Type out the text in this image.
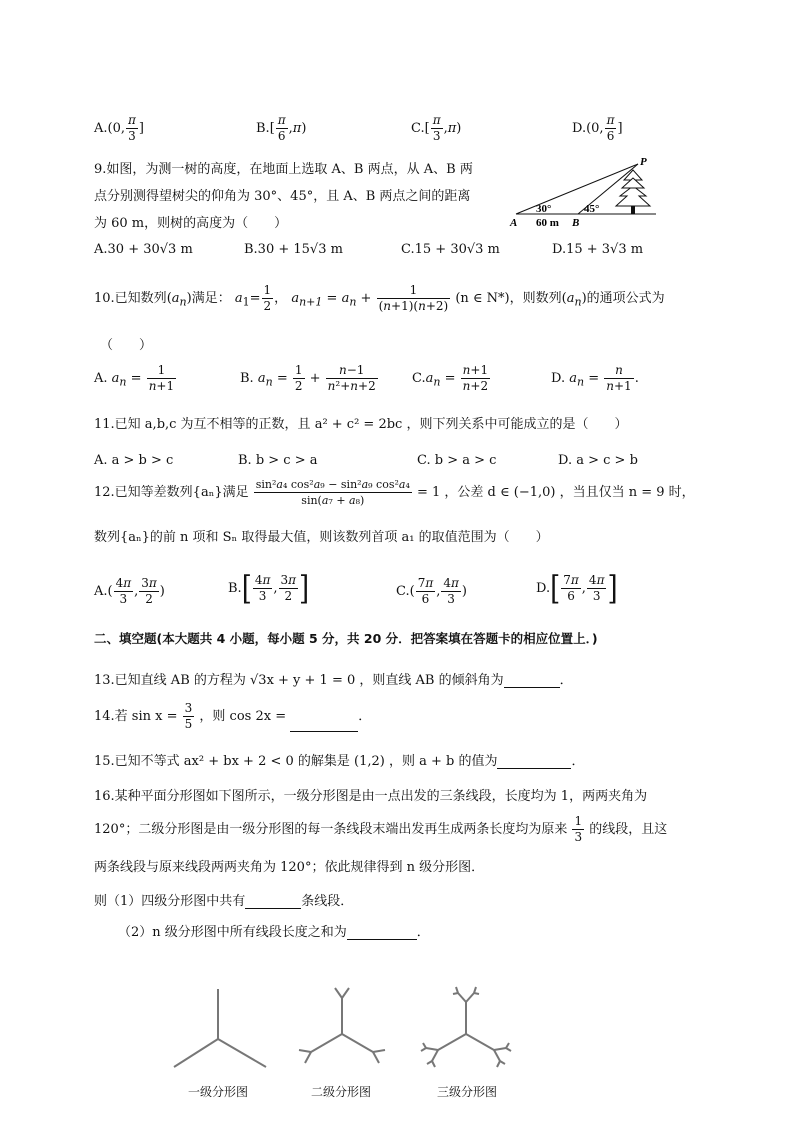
A.(0, $\frac{\pi}{3}$ ]	$B.[ \frac{\pi}{6} ,\pi)$	$C.[ \frac{\pi}{3} ,\pi)$	D.(0, $\frac{\pi}{6}$ ]
9.如图，为测一树的高度，在地面上选取 A、B 两点，从 A、B 两
点分别测得望树尖的仰角为 30°、45°，且 A、B 两点之间的距离
为 60 m，则树的高度为（　　）
P
A	B
30°	45°
60 m
A.30 + 30√3 m	B.30 + 15√3 m	C.15 + 30√3 m	D.15 + 3√3 m
10.已知数列$(a_n)$满足： $a_1= \frac{1}{2}$ ， $a_{n+1} = a_n + \frac{1}{(n+1)(n+2)} (n$ ∈ N*)，则数列$(a_n)$的通项公式为
（　　）
A. $a_n = \frac{1}{n+1}$	B. $a_n = \frac{1}{2} + \frac{n-1}{\text{n²+n+2}}$	$C.a_n = \frac{n+1}{n+2}$	D. $a_n = \frac{n}{n+1}$ .
11.已知 a,b,c 为互不相等的正数，且 a² + c² = 2bc ，则下列关系中可能成立的是（　　）
A. a > b > c	B. b > c > a	C. b > a > c	D. a > c > b
12.已知等差数列{aₙ}满足 $\frac{\text{sin²a₄ cos²a₉ − sin²a₉ cos²a₄}}{\text{sin(a₇ + a₈)}} = 1$ ，公差 d ∈ (−1,0) ，当且仅当 n = 9 时，
数列{aₙ}的前 n 项和 Sₙ 取得最大值，则该数列首项 a₁ 的取值范围为（　　）
$A.( \frac{4\pi}{3}$ , $\frac{3\pi}{2}$ )	$B.[ \frac{4\pi}{3}$ , $\frac{3\pi}{2}$ ]	$C.( \frac{7\pi}{6}$ , $\frac{4\pi}{3}$ )	$D.[ \frac{7\pi}{6}$ , $\frac{4\pi}{3}$ ]
二、填空题(本大题共 4 小题，每小题 5 分，共 20 分．把答案填在答题卡的相应位置上．)
13.已知直线 AB 的方程为 √3x + y + 1 = 0 ，则直线 AB 的倾斜角为	．
14.若 $\sin x = \frac{3}{5}$ ，则 cos 2x =	．
15.已知不等式 ax² + bx + 2 < 0 的解集是 (1,2) ，则 a + b 的值为	．
16.某种平面分形图如下图所示，一级分形图是由一点出发的三条线段，长度均为 1，两两夹角为
120°；二级分形图是由一级分形图的每一条线段末端出发再生成两条长度均为原来 $\frac{1}{3}$ 的线段，且这
两条线段与原来线段两两夹角为 120°；依此规律得到 n 级分形图．
则（1）四级分形图中共有	条线段．
（2）n 级分形图中所有线段长度之和为	．
一级分形图	二级分形图	三级分形图
